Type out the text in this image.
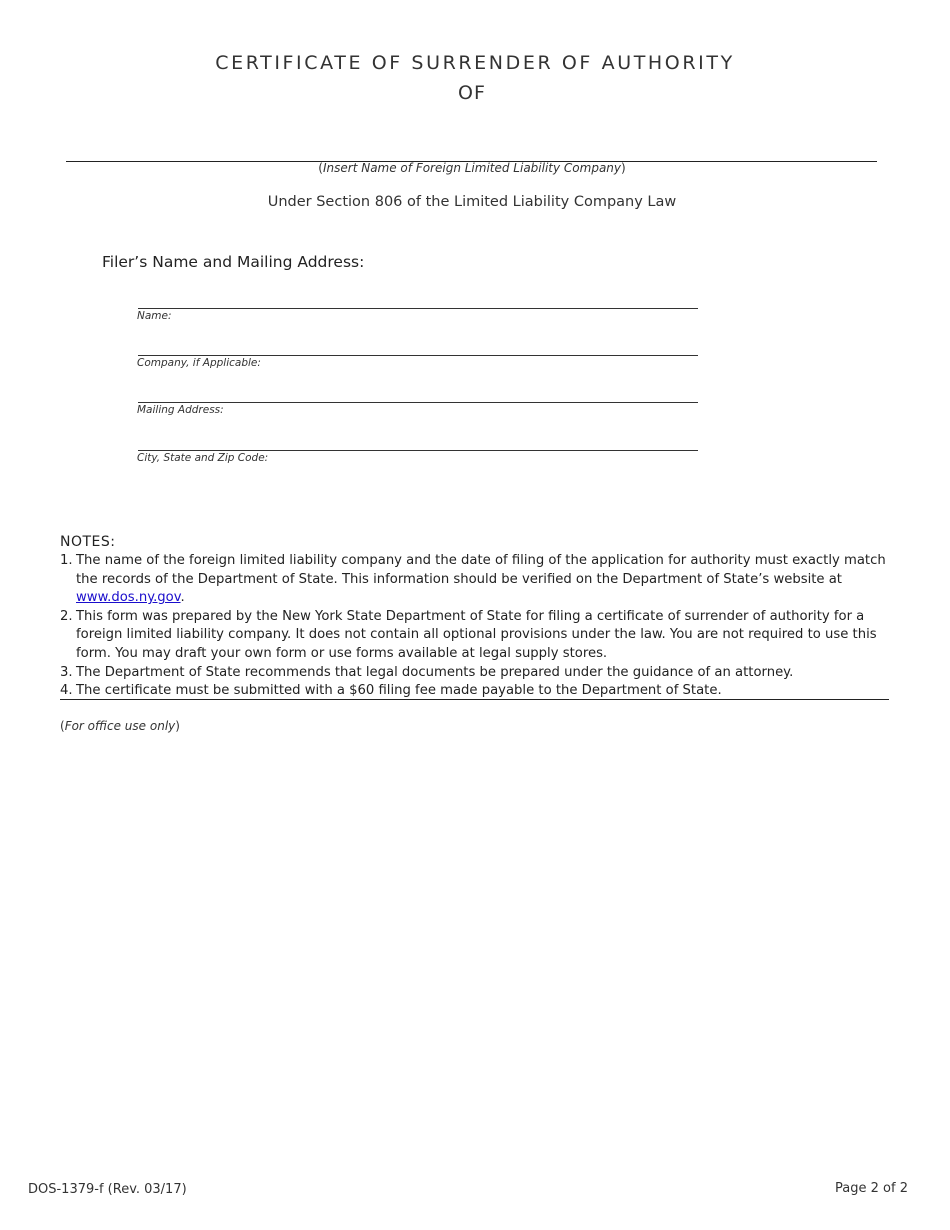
CERTIFICATE OF SURRENDER OF AUTHORITY
OF
(Insert Name of Foreign Limited Liability Company)
Under Section 806 of the Limited Liability Company Law
Filer’s Name and Mailing Address:
Name:
Company, if Applicable:
Mailing Address:
City, State and Zip Code:
NOTES:
1. The name of the foreign limited liability company and the date of filing of the application for authority must exactly match the records of the Department of State. This information should be verified on the Department of State’s website at www.dos.ny.gov.
2. This form was prepared by the New York State Department of State for filing a certificate of surrender of authority for a foreign limited liability company. It does not contain all optional provisions under the law. You are not required to use this form. You may draft your own form or use forms available at legal supply stores.
3. The Department of State recommends that legal documents be prepared under the guidance of an attorney.
4. The certificate must be submitted with a $60 filing fee made payable to the Department of State.
(For office use only)
DOS-1379-f (Rev. 03/17)	Page 2 of 2
